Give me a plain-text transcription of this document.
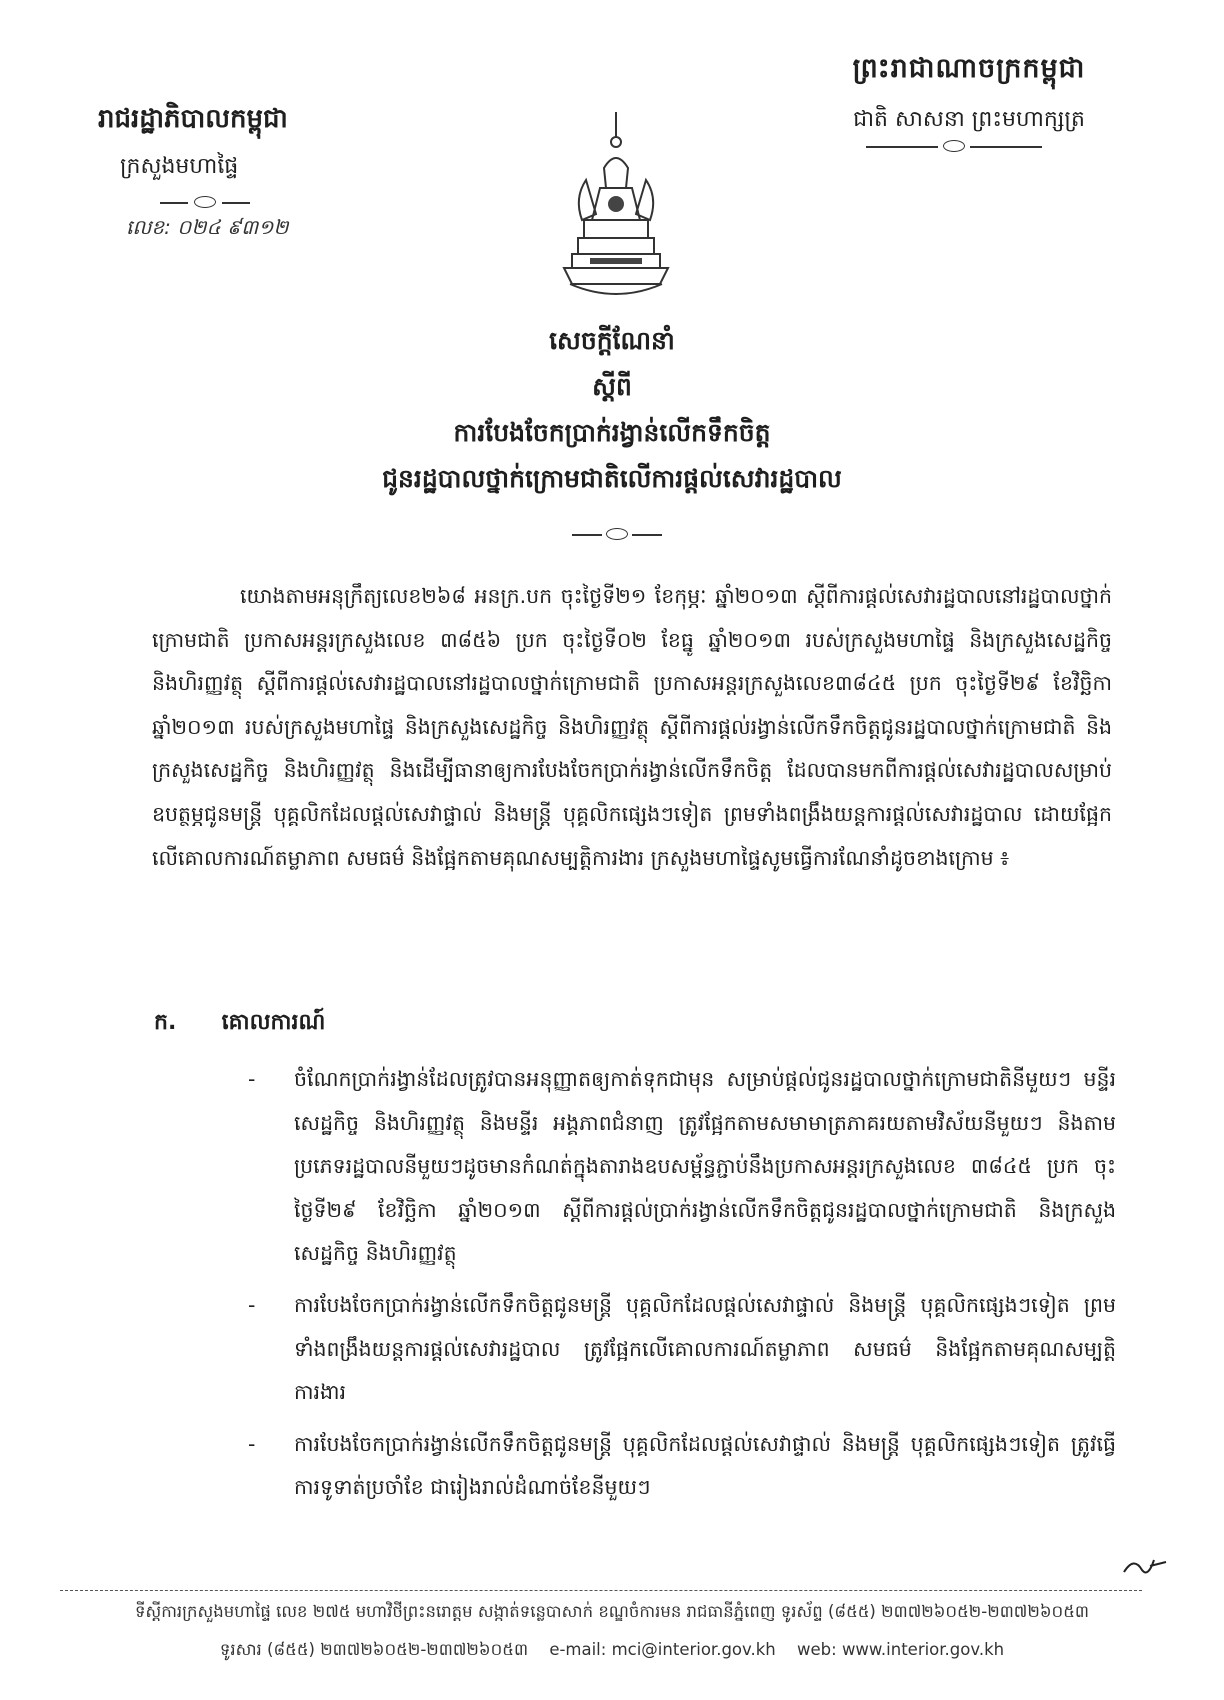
ព្រះរាជាណាចក្រកម្ពុជា
ជាតិ សាសនា ព្រះមហាក្សត្រ
រាជរដ្ឋាភិបាលកម្ពុជា
ក្រសួងមហាផ្ទៃ
លេខ: ០២៤ ៩៣១២
សេចក្តីណែនាំ
ស្តីពី
ការបែងចែកប្រាក់រង្វាន់លើកទឹកចិត្ត
ជូនរដ្ឋបាលថ្នាក់ក្រោមជាតិលើការផ្តល់សេវារដ្ឋបាល

យោងតាមអនុក្រឹត្យលេខ២៦៨ អនក្រ.បក ចុះថ្ងៃទី២១ ខែកុម្ភៈ ឆ្នាំ២០១៣ ស្តីពីការផ្តល់សេវារដ្ឋបាលនៅរដ្ឋបាលថ្នាក់ក្រោមជាតិ ប្រកាសអន្តរក្រសួងលេខ ៣៨៥៦ ប្រក ចុះថ្ងៃទី០២ ខែធ្នូ ឆ្នាំ២០១៣ របស់ក្រសួងមហាផ្ទៃ និងក្រសួងសេដ្ឋកិច្ច និងហិរញ្ញវត្ថុ ស្តីពីការផ្តល់សេវារដ្ឋបាលនៅរដ្ឋបាលថ្នាក់ក្រោមជាតិ ប្រកាសអន្តរក្រសួងលេខ៣៨៤៥ ប្រក ចុះថ្ងៃទី២៩ ខែវិច្ឆិកា ឆ្នាំ២០១៣ របស់ក្រសួងមហាផ្ទៃ និងក្រសួងសេដ្ឋកិច្ច និងហិរញ្ញវត្ថុ ស្តីពីការផ្តល់រង្វាន់លើកទឹកចិត្តជូនរដ្ឋបាលថ្នាក់ក្រោមជាតិ និងក្រសួងសេដ្ឋកិច្ច និងហិរញ្ញវត្ថុ និងដើម្បីធានាឲ្យការបែងចែកប្រាក់រង្វាន់លើកទឹកចិត្ត ដែលបានមកពីការផ្តល់សេវារដ្ឋបាលសម្រាប់ឧបត្ថម្ភជូនមន្ត្រី បុគ្គលិកដែលផ្តល់សេវាផ្ទាល់ និងមន្ត្រី បុគ្គលិកផ្សេងៗទៀត ព្រមទាំងពង្រឹងយន្តការផ្តល់សេវារដ្ឋបាល ដោយផ្អែកលើគោលការណ៍តម្លាភាព សមធម៌ និងផ្អែកតាមគុណសម្បត្តិការងារ ក្រសួងមហាផ្ទៃសូមធ្វើការណែនាំដូចខាងក្រោម ៖

ក. គោលការណ៍
- ចំណែកប្រាក់រង្វាន់ដែលត្រូវបានអនុញ្ញាតឲ្យកាត់ទុកជាមុន សម្រាប់ផ្តល់ជូនរដ្ឋបាលថ្នាក់ក្រោមជាតិនីមួយៗ មន្ទីរសេដ្ឋកិច្ច និងហិរញ្ញវត្ថុ និងមន្ទីរ អង្គភាពជំនាញ ត្រូវផ្អែកតាមសមាមាត្រភាគរយតាមវិស័យនីមួយៗ និងតាមប្រភេទរដ្ឋបាលនីមួយៗដូចមានកំណត់ក្នុងតារាងឧបសម្ព័ន្ធភ្ជាប់នឹងប្រកាសអន្តរក្រសួងលេខ ៣៨៤៥ ប្រក ចុះថ្ងៃទី២៩ ខែវិច្ឆិកា ឆ្នាំ២០១៣ ស្តីពីការផ្តល់ប្រាក់រង្វាន់លើកទឹកចិត្តជូនរដ្ឋបាលថ្នាក់ក្រោមជាតិ និងក្រសួងសេដ្ឋកិច្ច និងហិរញ្ញវត្ថុ
- ការបែងចែកប្រាក់រង្វាន់លើកទឹកចិត្តជូនមន្ត្រី បុគ្គលិកដែលផ្តល់សេវាផ្ទាល់ និងមន្ត្រី បុគ្គលិកផ្សេងៗទៀត ព្រមទាំងពង្រឹងយន្តការផ្តល់សេវារដ្ឋបាល ត្រូវផ្អែកលើគោលការណ៍តម្លាភាព សមធម៌ និងផ្អែកតាមគុណសម្បត្តិការងារ
- ការបែងចែកប្រាក់រង្វាន់លើកទឹកចិត្តជូនមន្ត្រី បុគ្គលិកដែលផ្តល់សេវាផ្ទាល់ និងមន្ត្រី បុគ្គលិកផ្សេងៗទៀត ត្រូវធ្វើការទូទាត់ប្រចាំខែ ជារៀងរាល់ដំណាច់ខែនីមួយៗ
ទីស្តីការក្រសួងមហាផ្ទៃ លេខ ២៧៥ មហាវិថីព្រះនរោត្តម សង្កាត់ទន្លេបាសាក់ ខណ្ឌចំការមន រាជធានីភ្នំពេញ ទូរស័ព្ទ (៨៥៥) ២៣៧២៦០៥២-២៣៧២៦០៥៣
ទូរសារ (៨៥៥) ២៣៧២៦០៥២-២៣៧២៦០៥៣ e-mail: mci@interior.gov.kh web: www.interior.gov.kh
